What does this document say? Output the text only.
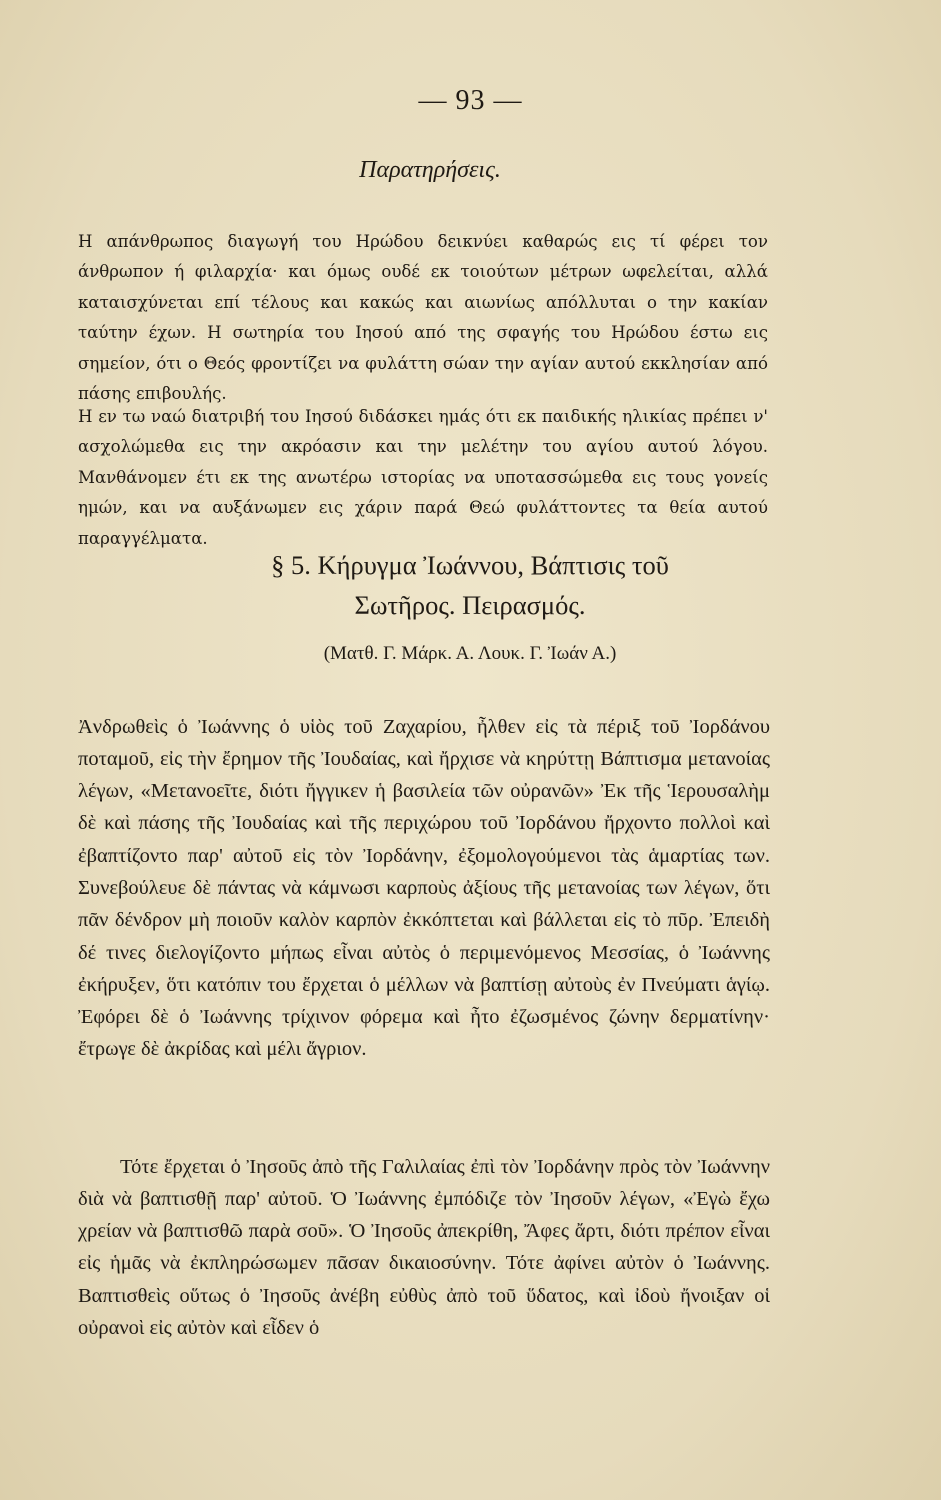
— 93 —
Παρατηρήσεις.

Η απάνθρωπος διαγωγή του Ηρώδου δεικνύει καθαρώς εις τί φέρει τον άνθρωπον ή φιλαρχία· και όμως ουδέ εκ τοιούτων μέτρων ωφελείται, αλλά καταισχύνεται επί τέλους και κακώς και αιωνίως απόλλυται ο την κακίαν ταύτην έχων. Η σωτηρία του Ιησού από της σφαγής του Ηρώδου έστω εις σημείον, ότι ο Θεός φροντίζει να φυλάττη σώαν την αγίαν αυτού εκκλησίαν από πάσης επιβουλής.

Η εν τω ναώ διατριβή του Ιησού διδάσκει ημάς ότι εκ παιδικής ηλικίας πρέπει ν' ασχολώμεθα εις την ακρόασιν και την μελέτην του αγίου αυτού λόγου. Μανθάνομεν έτι εκ της ανωτέρω ιστορίας να υποτασσώμεθα εις τους γονείς ημών, και να αυξάνωμεν εις χάριν παρά Θεώ φυλάττοντες τα θεία αυτού παραγγέλματα.

§ 5. Κήρυγμα Ἰωάννου, Βάπτισις τοῦ
Σωτῆρος. Πειρασμός.
(Ματθ. Γ. Μάρκ. Α. Λουκ. Γ. Ἰωάν Α.)

Ἀνδρωθεὶς ὁ Ἰωάννης ὁ υἱὸς τοῦ Ζαχαρίου, ἦλθεν εἰς τὰ πέριξ τοῦ Ἰορδάνου ποταμοῦ, εἰς τὴν ἔρημον τῆς Ἰουδαίας, καὶ ἤρχισε νὰ κηρύττῃ Βάπτισμα μετανοίας λέγων, «Μετανοεῖτε, διότι ἤγγικεν ἡ βασιλεία τῶν οὐρανῶν» Ἐκ τῆς Ἱερουσαλὴμ δὲ καὶ πάσης τῆς Ἰουδαίας καὶ τῆς περιχώρου τοῦ Ἰορδάνου ἤρχοντο πολλοὶ καὶ ἐβαπτίζοντο παρ' αὐτοῦ εἰς τὸν Ἰορδάνην, ἐξομολογούμενοι τὰς ἁμαρτίας των. Συνεβούλευε δὲ πάντας νὰ κάμνωσι καρποὺς ἀξίους τῆς μετανοίας των λέγων, ὅτι πᾶν δένδρον μὴ ποιοῦν καλὸν καρπὸν ἐκκόπτεται καὶ βάλλεται εἰς τὸ πῦρ. Ἐπειδὴ δέ τινες διελογίζοντο μήπως εἶναι αὐτὸς ὁ περιμενόμενος Μεσσίας, ὁ Ἰωάννης ἐκήρυξεν, ὅτι κατόπιν του ἔρχεται ὁ μέλλων νὰ βαπτίσῃ αὐτοὺς ἐν Πνεύματι ἁγίῳ. Ἐφόρει δὲ ὁ Ἰωάννης τρίχινον φόρεμα καὶ ἦτο ἐζωσμένος ζώνην δερματίνην· ἔτρωγε δὲ ἀκρίδας καὶ μέλι ἄγριον.

Τότε ἔρχεται ὁ Ἰησοῦς ἀπὸ τῆς Γαλιλαίας ἐπὶ τὸν Ἰορδάνην πρὸς τὸν Ἰωάννην διὰ νὰ βαπτισθῇ παρ' αὐτοῦ. Ὁ Ἰωάννης ἐμπόδιζε τὸν Ἰησοῦν λέγων, «Ἐγὼ ἔχω χρείαν νὰ βαπτισθῶ παρὰ σοῦ». Ὁ Ἰησοῦς ἀπεκρίθη, Ἄφες ἄρτι, διότι πρέπον εἶναι εἰς ἡμᾶς νὰ ἐκπληρώσωμεν πᾶσαν δικαιοσύνην. Τότε ἀφίνει αὐτὸν ὁ Ἰωάννης. Βαπτισθεὶς οὕτως ὁ Ἰησοῦς ἀνέβη εὐθὺς ἀπὸ τοῦ ὕδατος, καὶ ἰδοὺ ἤνοιξαν οἱ οὐρανοὶ εἰς αὐτὸν καὶ εἶδεν ὁ
